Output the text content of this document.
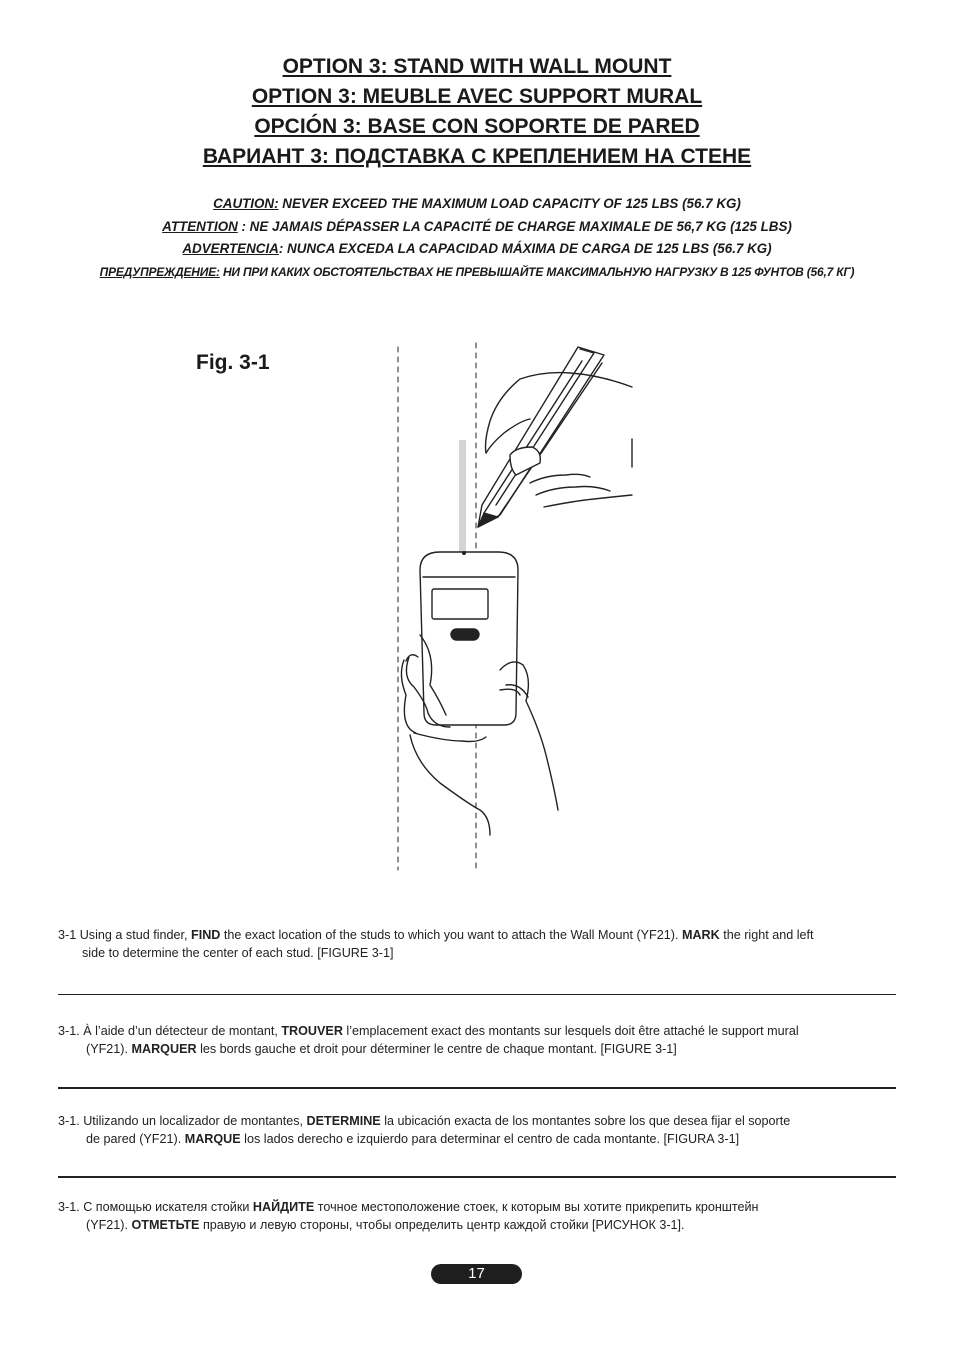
OPTION 3: STAND WITH WALL MOUNT
OPTION 3: MEUBLE AVEC SUPPORT MURAL
OPCIÓN 3: BASE CON SOPORTE DE PARED
ВАРИАНТ 3: ПОДСТАВКА С КРЕПЛЕНИЕМ НА СТЕНЕ
CAUTION: NEVER EXCEED THE MAXIMUM LOAD CAPACITY OF 125 LBS (56.7 KG)
ATTENTION : NE JAMAIS DÉPASSER LA CAPACITÉ DE CHARGE MAXIMALE DE 56,7 KG (125 LBS)
ADVERTENCIA: NUNCA EXCEDA LA CAPACIDAD MÁXIMA DE CARGA DE 125 LBS (56.7 KG)
ПРЕДУПРЕЖДЕНИЕ: НИ ПРИ КАКИХ ОБСТОЯТЕЛЬСТВАХ НЕ ПРЕВЫШАЙТЕ МАКСИМАЛЬНУЮ НАГРУЗКУ В 125 ФУНТОВ (56,7 КГ)
Fig. 3-1
3-1 Using a stud finder, FIND the exact location of the studs to which you want to attach the Wall Mount (YF21). MARK the right and left
side to determine the center of each stud. [FIGURE 3-1]
3-1. À l’aide d’un détecteur de montant, TROUVER l’emplacement exact des montants sur lesquels doit être attaché le support mural
(YF21). MARQUER les bords gauche et droit pour déterminer le centre de chaque montant. [FIGURE 3-1]
3-1. Utilizando un localizador de montantes, DETERMINE la ubicación exacta de los montantes sobre los que desea fijar el soporte
de pared (YF21). MARQUE los lados derecho e izquierdo para determinar el centro de cada montante. [FIGURA 3-1]
3-1. С помощью искателя стойки НАЙДИТЕ точное местоположение стоек, к которым вы хотите прикрепить кронштейн
(YF21). ОТМЕТЬТЕ правую и левую стороны, чтобы определить центр каждой стойки [РИСУНОК 3-1].
17
